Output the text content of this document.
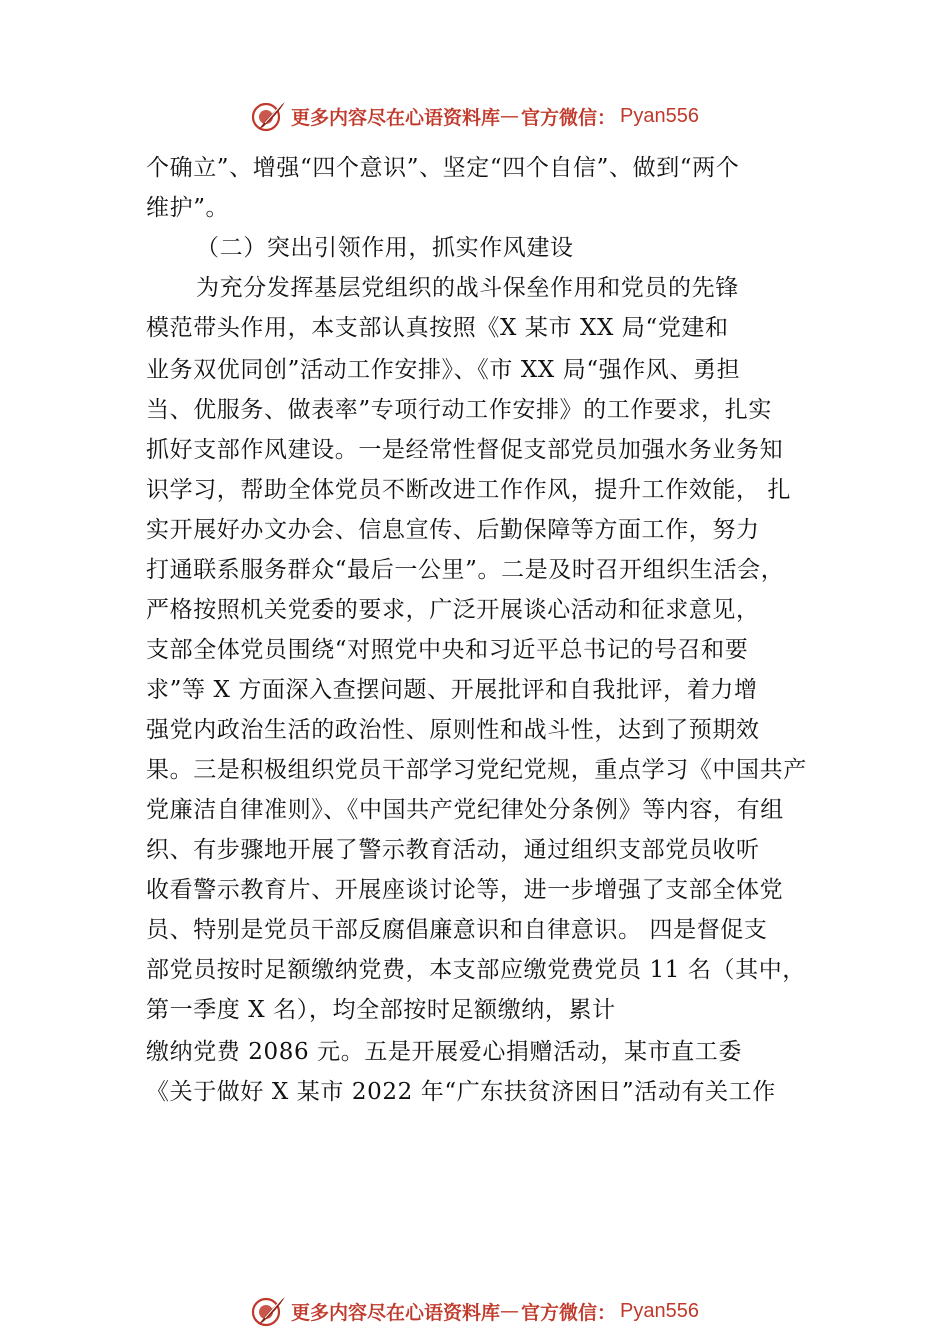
更多内容尽在心语资料库 — 官方微信： Pyan556
个确立”、增强“四个意识”、坚定“四个自信”、做到“两个
维护”。
（二）突出引领作用，抓实作风建设
为充分发挥基层党组织的战斗保垒作用和党员的先锋
模范带头作用，本支部认真按照《X 某市 XX 局“党建和
业务双优同创”活动工作安排》、《市 XX 局“强作风、勇担
当、优服务、做表率”专项行动工作安排》的工作要求，扎实
抓好支部作风建设。一是经常性督促支部党员加强水务业务知
识学习，帮助全体党员不断改进工作作风，提升工作效能， 扎
实开展好办文办会、信息宣传、后勤保障等方面工作，努力
打通联系服务群众“最后一公里”。二是及时召开组织生活会，
严格按照机关党委的要求，广泛开展谈心活动和征求意见，
支部全体党员围绕“对照党中央和习近平总书记的号召和要
求”等 X 方面深入查摆问题、开展批评和自我批评，着力增
强党内政治生活的政治性、原则性和战斗性，达到了预期效
果。三是积极组织党员干部学习党纪党规，重点学习《中国共产
党廉洁自律准则》、《中国共产党纪律处分条例》等内容，有组
织、有步骤地开展了警示教育活动，通过组织支部党员收听
收看警示教育片、开展座谈讨论等，进一步增强了支部全体党
员、特别是党员干部反腐倡廉意识和自律意识。 四是督促支
部党员按时足额缴纳党费，本支部应缴党费党员 11 名（其中，
第一季度 X 名），均全部按时足额缴纳，累计
缴纳党费 2086 元。五是开展爱心捐赠活动，某市直工委
《关于做好 X 某市 2022 年“广东扶贫济困日”活动有关工作
更多内容尽在心语资料库 — 官方微信： Pyan556
